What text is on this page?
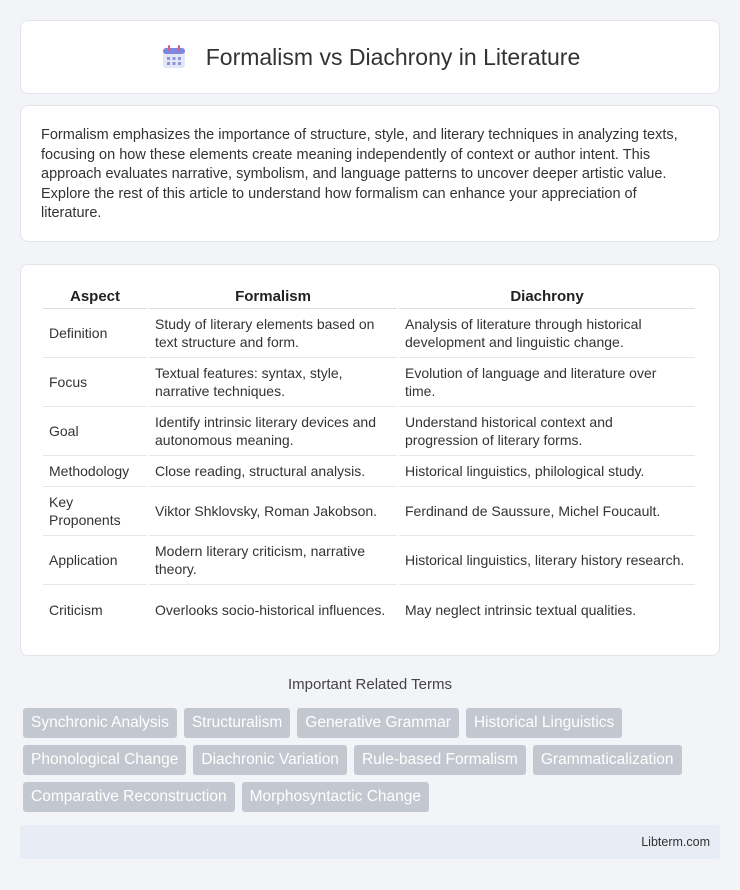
Formalism vs Diachrony in Literature

Formalism emphasizes the importance of structure, style, and literary techniques in analyzing texts, focusing on how these elements create meaning independently of context or author intent. This approach evaluates narrative, symbolism, and language patterns to uncover deeper artistic value. Explore the rest of this article to understand how formalism can enhance your appreciation of literature.

Aspect	Formalism	Diachrony
Definition	Study of literary elements based on text structure and form.	Analysis of literature through historical development and linguistic change.
Focus	Textual features: syntax, style, narrative techniques.	Evolution of language and literature over time.
Goal	Identify intrinsic literary devices and autonomous meaning.	Understand historical context and progression of literary forms.
Methodology	Close reading, structural analysis.	Historical linguistics, philological study.
Key Proponents	Viktor Shklovsky, Roman Jakobson.	Ferdinand de Saussure, Michel Foucault.
Application	Modern literary criticism, narrative theory.	Historical linguistics, literary history research.
Criticism	Overlooks socio-historical influences.	May neglect intrinsic textual qualities.
Important Related Terms
Synchronic Analysis	Structuralism	Generative Grammar	Historical Linguistics
Phonological Change	Diachronic Variation	Rule-based Formalism	Grammaticalization
Comparative Reconstruction	Morphosyntactic Change
Libterm.com
